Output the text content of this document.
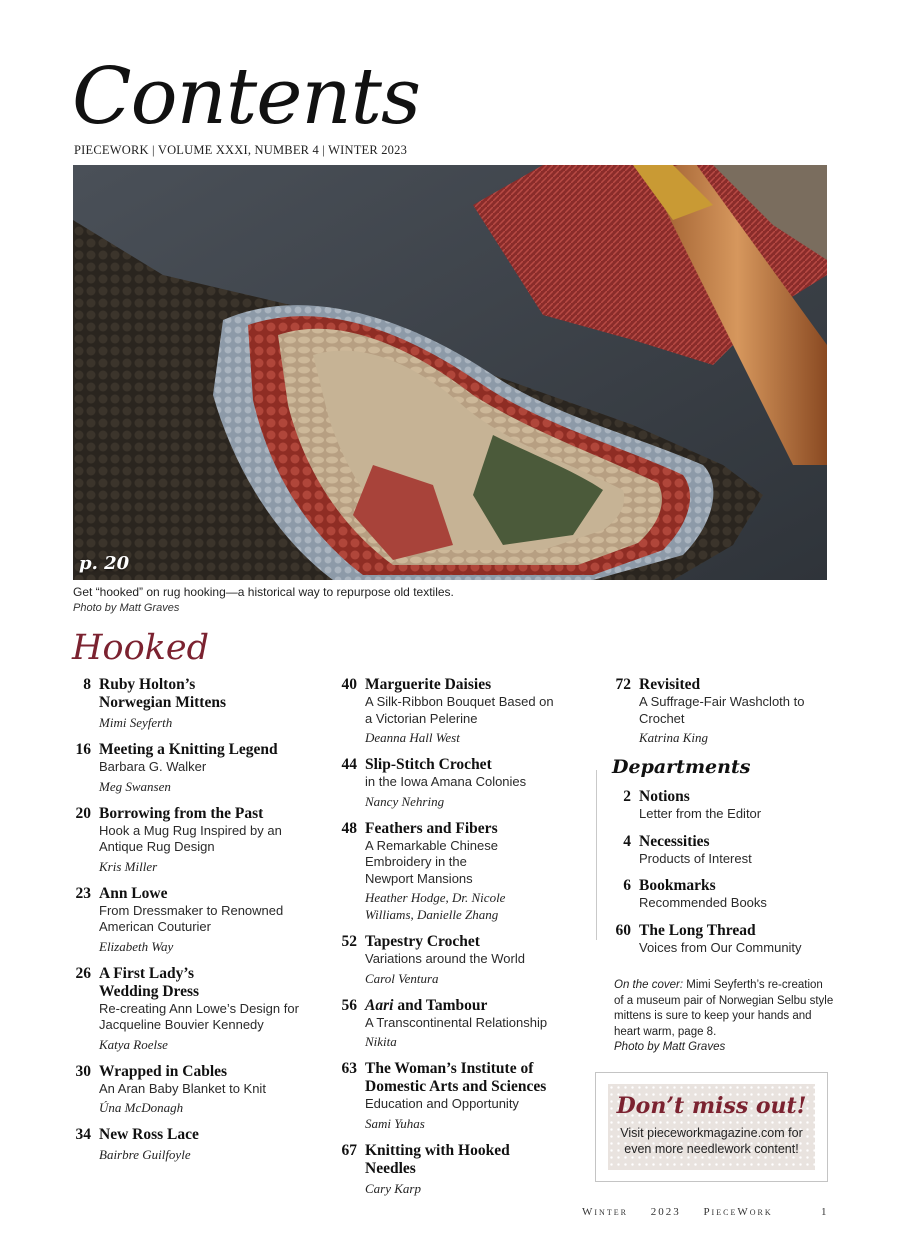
Contents
PIECEWORK | VOLUME XXXI, NUMBER 4 | WINTER 2023
p. 20
Get “hooked” on rug hooking—a historical way to repurpose old textiles.
Photo by Matt Graves
Hooked
8 Ruby Holton’s Norwegian Mittens
Mimi Seyferth
16 Meeting a Knitting Legend
Barbara G. Walker
Meg Swansen
20 Borrowing from the Past
Hook a Mug Rug Inspired by an Antique Rug Design
Kris Miller
23 Ann Lowe
From Dressmaker to Renowned American Couturier
Elizabeth Way
26 A First Lady’s Wedding Dress
Re-creating Ann Lowe’s Design for Jacqueline Bouvier Kennedy
Katya Roelse
30 Wrapped in Cables
An Aran Baby Blanket to Knit
Úna McDonagh
34 New Ross Lace
Bairbre Guilfoyle
40 Marguerite Daisies
A Silk-Ribbon Bouquet Based on a Victorian Pelerine
Deanna Hall West
44 Slip-Stitch Crochet
in the Iowa Amana Colonies
Nancy Nehring
48 Feathers and Fibers
A Remarkable Chinese Embroidery in the Newport Mansions
Heather Hodge, Dr. Nicole Williams, Danielle Zhang
52 Tapestry Crochet
Variations around the World
Carol Ventura
56 Aari and Tambour
A Transcontinental Relationship
Nikita
63 The Woman’s Institute of Domestic Arts and Sciences
Education and Opportunity
Sami Yuhas
67 Knitting with Hooked Needles
Cary Karp
72 Revisited
A Suffrage-Fair Washcloth to Crochet
Katrina King
Departments
2 Notions
Letter from the Editor
4 Necessities
Products of Interest
6 Bookmarks
Recommended Books
60 The Long Thread
Voices from Our Community
On the cover: Mimi Seyferth’s re-creation of a museum pair of Norwegian Selbu style mittens is sure to keep your hands and heart warm, page 8.
Photo by Matt Graves
Don’t miss out!
Visit pieceworkmagazine.com for even more needlework content!
Winter 2023 PieceWork	1
